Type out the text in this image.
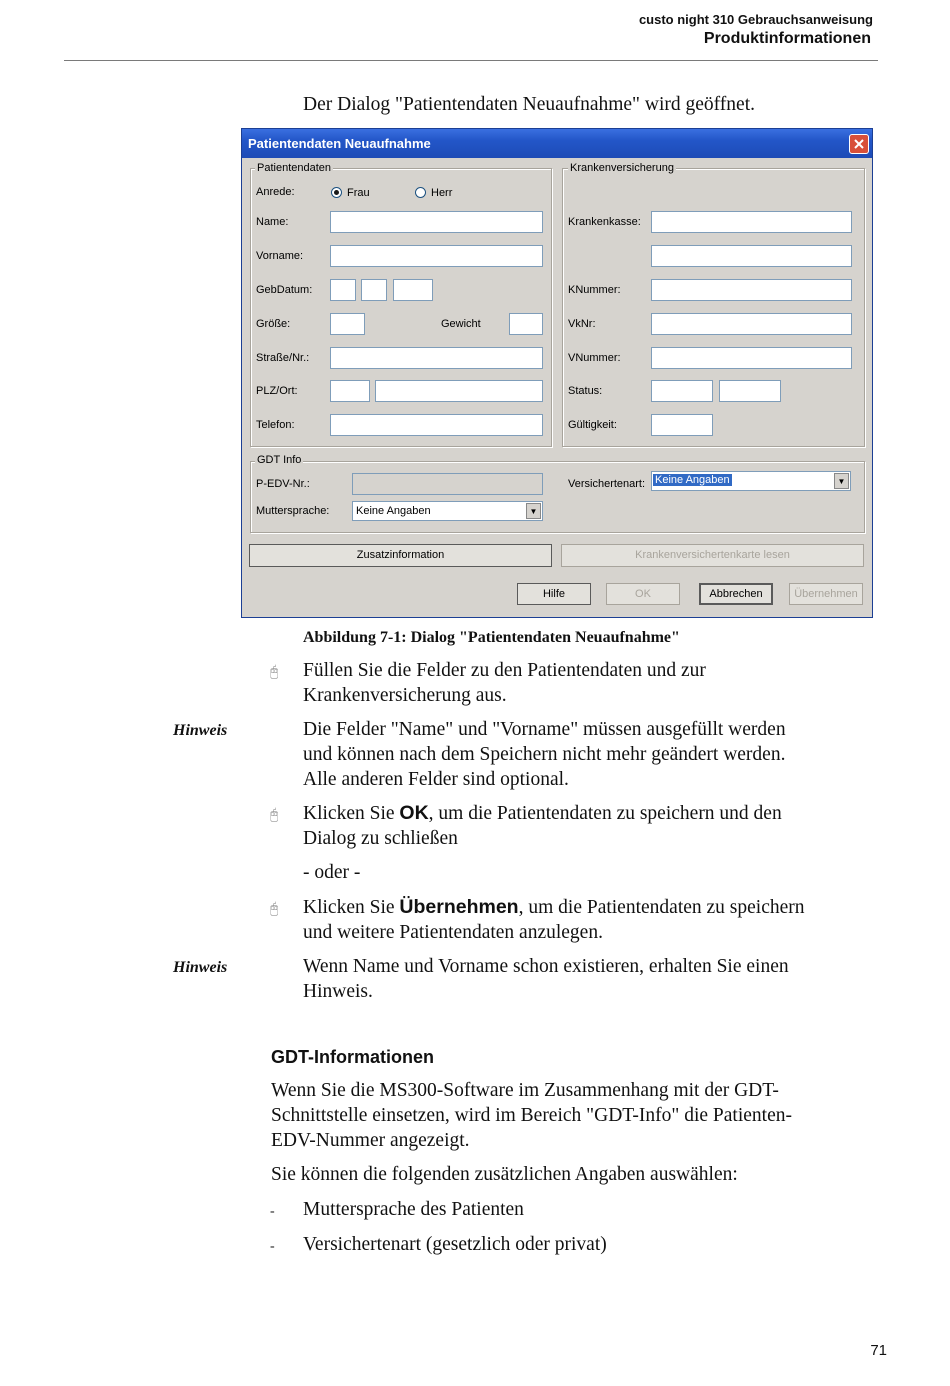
custo night 310 Gebrauchsanweisung
Produktinformationen
Der Dialog "Patientendaten Neuaufnahme" wird geöffnet.
Patientendaten Neuaufnahme
Patientendaten
Anrede:	Frau	Herr
Name:
Vorname:
GebDatum:
Größe:	Gewicht
Straße/Nr.:
PLZ/Ort:
Telefon:
Krankenversicherung
Krankenkasse:
KNummer:
VkNr:
VNummer:
Status:
Gültigkeit:
GDT Info
P-EDV-Nr.:
Muttersprache: Keine Angaben	▼
Versichertenart: Keine Angaben	▼
Zusatzinformation	Krankenversichertenkarte lesen
Hilfe	OK	Abbrechen	Übernehmen
Abbildung 7-1: Dialog "Patientendaten Neuaufnahme"
🖰 Füllen Sie die Felder zu den Patientendaten und zur
Krankenversicherung aus.
Hinweis	Die Felder "Name" und "Vorname" müssen ausgefüllt werden
und können nach dem Speichern nicht mehr geändert werden.
Alle anderen Felder sind optional.
🖰 Klicken Sie OK, um die Patientendaten zu speichern und den
Dialog zu schließen
- oder -
🖰 Klicken Sie Übernehmen, um die Patientendaten zu speichern
und weitere Patientendaten anzulegen.
Hinweis	Wenn Name und Vorname schon existieren, erhalten Sie einen
Hinweis.
GDT-Informationen
Wenn Sie die MS300-Software im Zusammenhang mit der GDT-
Schnittstelle einsetzen, wird im Bereich "GDT-Info" die Patienten-
EDV-Nummer angezeigt.
Sie können die folgenden zusätzlichen Angaben auswählen:
- Muttersprache des Patienten
- Versichertenart (gesetzlich oder privat)
71
